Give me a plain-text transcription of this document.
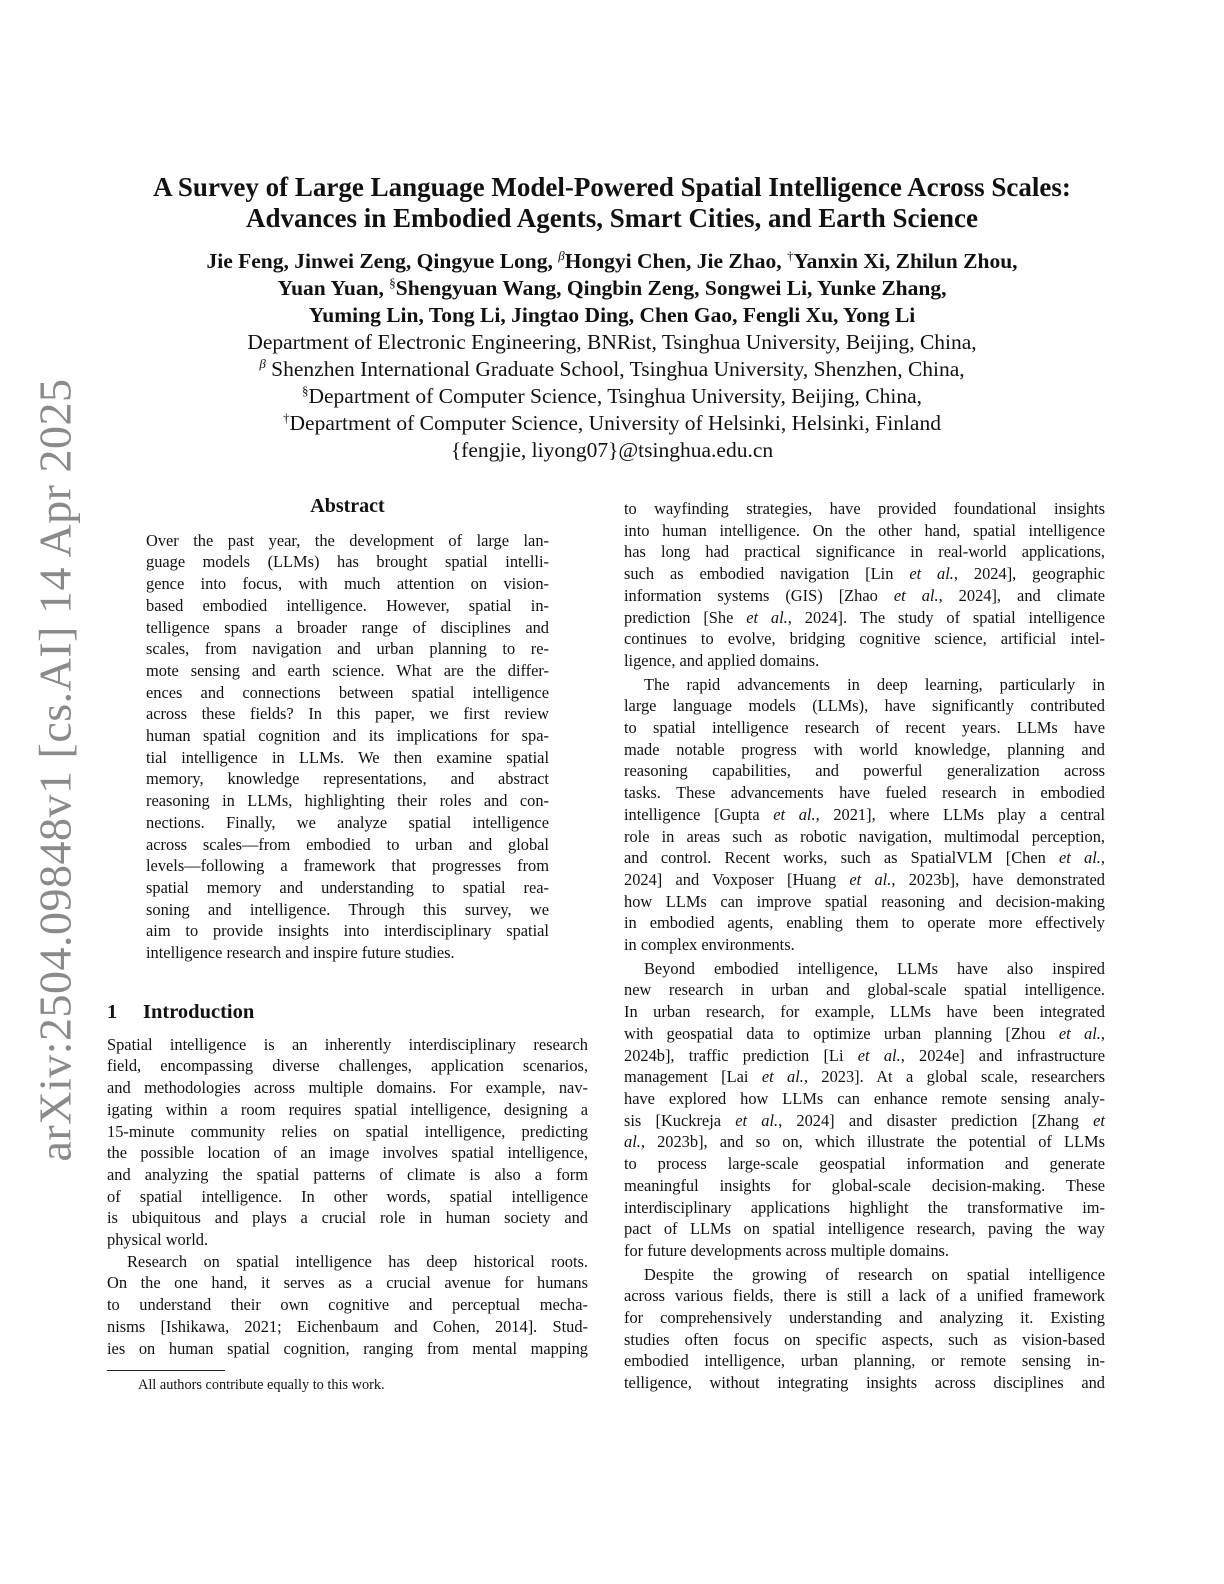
arXiv:2504.09848v1 [cs.AI] 14 Apr 2025
A Survey of Large Language Model-Powered Spatial Intelligence Across Scales:
Advances in Embodied Agents, Smart Cities, and Earth Science
Jie Feng, Jinwei Zeng, Qingyue Long, $^\beta$Hongyi Chen, Jie Zhao, †Yanxin Xi, Zhilun Zhou,
Yuan Yuan, §Shengyuan Wang, Qingbin Zeng, Songwei Li, Yunke Zhang,
Yuming Lin, Tong Li, Jingtao Ding, Chen Gao, Fengli Xu, Yong Li
Department of Electronic Engineering, BNRist, Tsinghua University, Beijing, China,
$^\beta$ Shenzhen International Graduate School, Tsinghua University, Shenzhen, China,
§Department of Computer Science, Tsinghua University, Beijing, China,
†Department of Computer Science, University of Helsinki, Helsinki, Finland
{fengjie, liyong07}@tsinghua.edu.cn
Abstract
Over the past year, the development of large lan-
guage models (LLMs) has brought spatial intelli-
gence into focus, with much attention on vision-
based embodied intelligence. However, spatial in-
telligence spans a broader range of disciplines and
scales, from navigation and urban planning to re-
mote sensing and earth science. What are the differ-
ences and connections between spatial intelligence
across these fields? In this paper, we first review
human spatial cognition and its implications for spa-
tial intelligence in LLMs. We then examine spatial
memory, knowledge representations, and abstract
reasoning in LLMs, highlighting their roles and con-
nections. Finally, we analyze spatial intelligence
across scales—from embodied to urban and global
levels—following a framework that progresses from
spatial memory and understanding to spatial rea-
soning and intelligence. Through this survey, we
aim to provide insights into interdisciplinary spatial
intelligence research and inspire future studies.
1 Introduction
Spatial intelligence is an inherently interdisciplinary research
field, encompassing diverse challenges, application scenarios,
and methodologies across multiple domains. For example, nav-
igating within a room requires spatial intelligence, designing a
15-minute community relies on spatial intelligence, predicting
the possible location of an image involves spatial intelligence,
and analyzing the spatial patterns of climate is also a form
of spatial intelligence. In other words, spatial intelligence
is ubiquitous and plays a crucial role in human society and
physical world.
Research on spatial intelligence has deep historical roots.
On the one hand, it serves as a crucial avenue for humans
to understand their own cognitive and perceptual mecha-
nisms [Ishikawa, 2021; Eichenbaum and Cohen, 2014]. Stud-
ies on human spatial cognition, ranging from mental mapping
to wayfinding strategies, have provided foundational insights
into human intelligence. On the other hand, spatial intelligence
has long had practical significance in real-world applications,
such as embodied navigation [Lin et al., 2024], geographic
information systems (GIS) [Zhao et al., 2024], and climate
prediction [She et al., 2024]. The study of spatial intelligence
continues to evolve, bridging cognitive science, artificial intel-
ligence, and applied domains.
The rapid advancements in deep learning, particularly in
large language models (LLMs), have significantly contributed
to spatial intelligence research of recent years. LLMs have
made notable progress with world knowledge, planning and
reasoning capabilities, and powerful generalization across
tasks. These advancements have fueled research in embodied
intelligence [Gupta et al., 2021], where LLMs play a central
role in areas such as robotic navigation, multimodal perception,
and control. Recent works, such as SpatialVLM [Chen et al.,
2024] and Voxposer [Huang et al., 2023b], have demonstrated
how LLMs can improve spatial reasoning and decision-making
in embodied agents, enabling them to operate more effectively
in complex environments.
Beyond embodied intelligence, LLMs have also inspired
new research in urban and global-scale spatial intelligence.
In urban research, for example, LLMs have been integrated
with geospatial data to optimize urban planning [Zhou et al.,
2024b], traffic prediction [Li et al., 2024e] and infrastructure
management [Lai et al., 2023]. At a global scale, researchers
have explored how LLMs can enhance remote sensing analy-
sis [Kuckreja et al., 2024] and disaster prediction [Zhang et
al., 2023b], and so on, which illustrate the potential of LLMs
to process large-scale geospatial information and generate
meaningful insights for global-scale decision-making. These
interdisciplinary applications highlight the transformative im-
pact of LLMs on spatial intelligence research, paving the way
for future developments across multiple domains.
Despite the growing of research on spatial intelligence
across various fields, there is still a lack of a unified framework
for comprehensively understanding and analyzing it. Existing
studies often focus on specific aspects, such as vision-based
embodied intelligence, urban planning, or remote sensing in-
telligence, without integrating insights across disciplines and
All authors contribute equally to this work.
